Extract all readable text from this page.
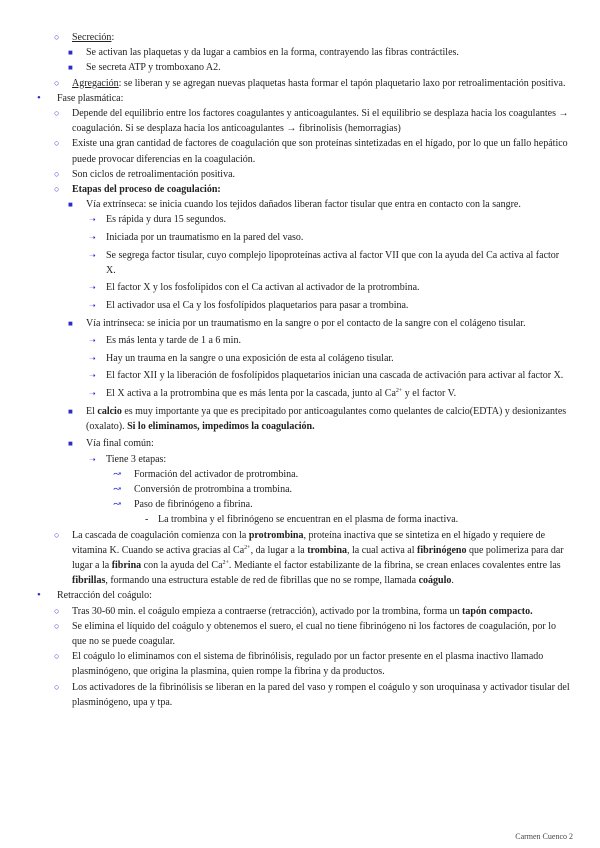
○ Secreción:
■ Se activan las plaquetas y da lugar a cambios en la forma, contrayendo las fibras contráctiles.
■ Se secreta ATP y tromboxano A2.
○ Agregación: se liberan y se agregan nuevas plaquetas hasta formar el tapón plaquetario laxo por retroalimentación positiva.
• Fase plasmática:
○ Depende del equilibrio entre los factores coagulantes y anticoagulantes. Si el equilibrio se desplaza hacia los coagulantes → coagulación. Si se desplaza hacia los anticoagulantes → fibrinolisis (hemorragias)
○ Existe una gran cantidad de factores de coagulación que son proteínas sintetizadas en el hígado, por lo que un fallo hepático puede provocar diferencias en la coagulación.
○ Son ciclos de retroalimentación positiva.
○ Etapas del proceso de coagulación:
■ Vía extrínseca: se inicia cuando los tejidos dañados liberan factor tisular que entra en contacto con la sangre.
➝ Es rápida y dura 15 segundos.
➝ Iniciada por un traumatismo en la pared del vaso.
➝ Se segrega factor tisular, cuyo complejo lipoproteínas activa al factor VII que con la ayuda del Ca activa al factor X.
➝ El factor X y los fosfolípidos con el Ca activan al activador de la protrombina.
➝ El activador usa el Ca y los fosfolípidos plaquetarios para pasar a trombina.
■ Vía intrínseca: se inicia por un traumatismo en la sangre o por el contacto de la sangre con el colágeno tisular.
➝ Es más lenta y tarde de 1 a 6 min.
➝ Hay un trauma en la sangre o una exposición de esta al colágeno tisular.
➝ El factor XII y la liberación de fosfolípidos plaquetarios inician una cascada de activación para activar al factor X.
➝ El X activa a la protrombina que es más lenta por la cascada, junto al $Ca^{2+}$ y el factor V.
■ El calcio es muy importante ya que es precipitado por anticoagulantes como quelantes de calcio(EDTA) y desionizantes (oxalato). Si lo eliminamos, impedimos la coagulación.
■ Vía final común:
➝ Tiene 3 etapas:
↝ Formación del activador de protrombina.
↝ Conversión de protrombina a trombina.
↝ Paso de fibrinógeno a fibrina.
- La trombina y el fibrinógeno se encuentran en el plasma de forma inactiva.
○ La cascada de coagulación comienza con la protrombina, proteína inactiva que se sintetiza en el hígado y requiere de vitamina K. Cuando se activa gracias al $Ca^{2+}$, da lugar a la trombina, la cual activa al fibrinógeno que polimeriza para dar lugar a la fibrina con la ayuda del $Ca^{2+}$. Mediante el factor estabilizante de la fibrina, se crean enlaces covalentes entre las fibrillas, formando una estructura estable de red de fibrillas que no se rompe, llamada coágulo.
• Retracción del coágulo:
○ Tras 30-60 min. el coágulo empieza a contraerse (retracción), activado por la trombina, forma un tapón compacto.
○ Se elimina el líquido del coágulo y obtenemos el suero, el cual no tiene fibrinógeno ni los factores de coagulación, por lo que no se puede coagular.
○ El coágulo lo eliminamos con el sistema de fibrinólisis, regulado por un factor presente en el plasma inactivo llamado plasminógeno, que origina la plasmina, quien rompe la fibrina y da productos.
○ Los activadores de la fibrinólisis se liberan en la pared del vaso y rompen el coágulo y son uroquinasa y activador tisular del plasminógeno, upa y tpa.
Carmen Cuenco 2
